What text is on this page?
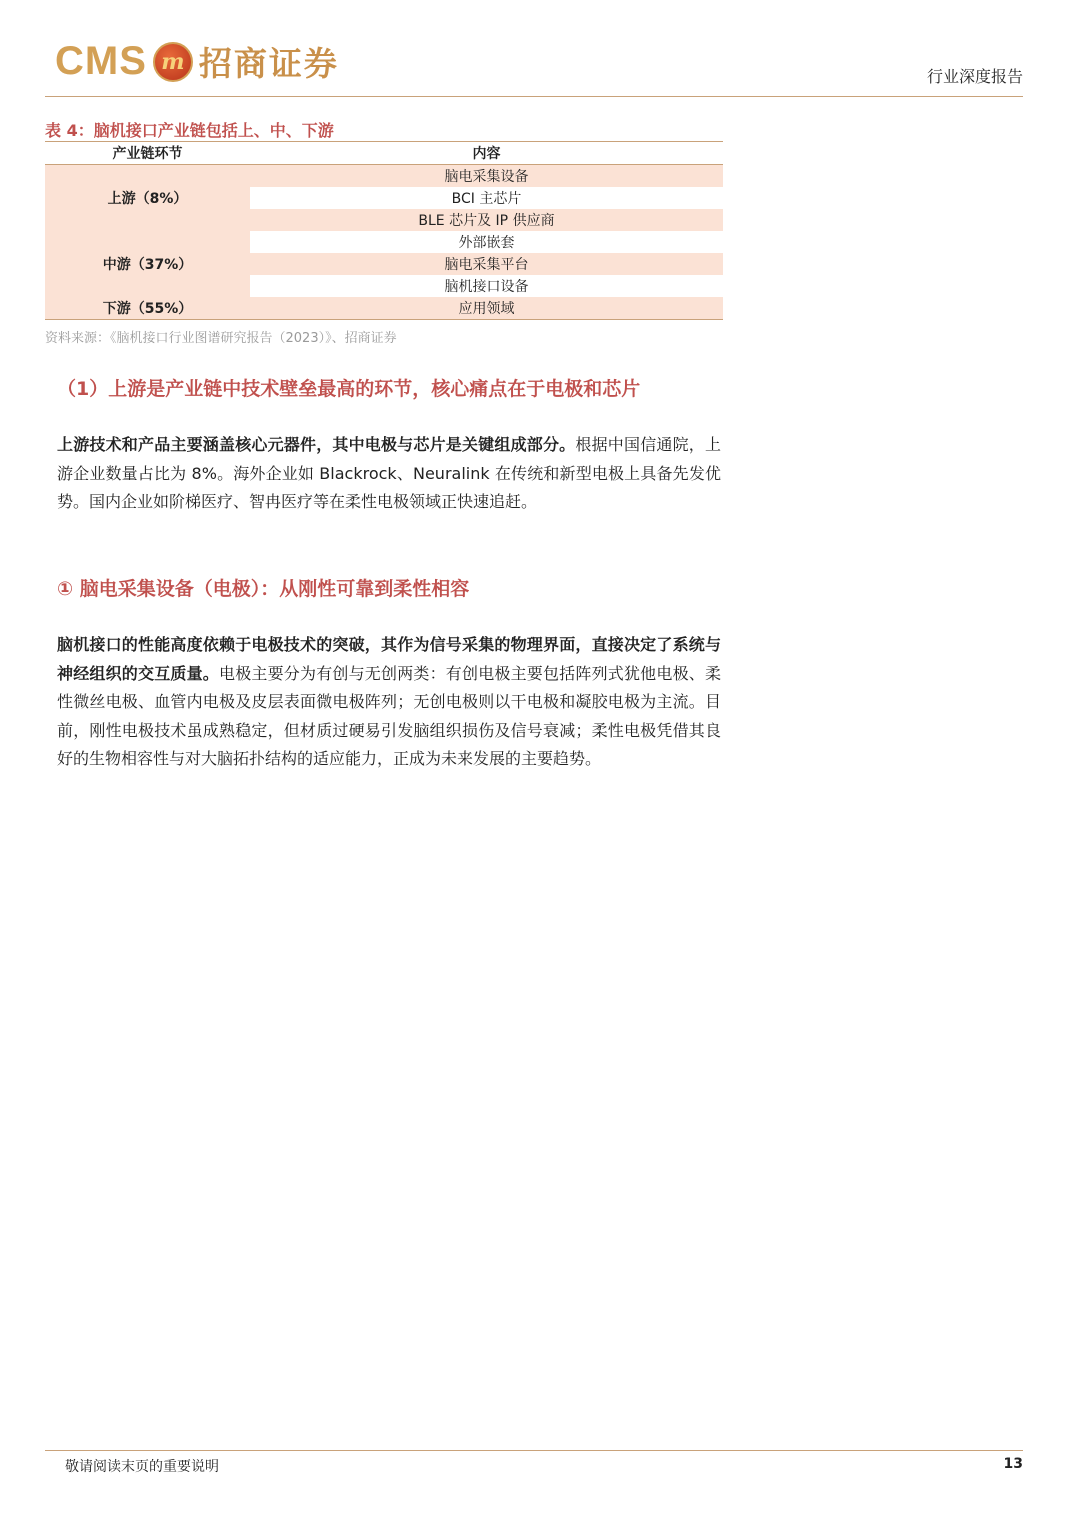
CMS m 招商证券	行业深度报告
表 4：脑机接口产业链包括上、中、下游
产业链环节	内容
上游（8%）	脑电采集设备
	BCI 主芯片
	BLE 芯片及 IP 供应商
中游（37%）	外部嵌套
	脑电采集平台
	脑机接口设备
下游（55%）	应用领域
资料来源：《脑机接口行业图谱研究报告（2023）》、招商证券
（1）上游是产业链中技术壁垒最高的环节，核心痛点在于电极和芯片

上游技术和产品主要涵盖核心元器件，其中电极与芯片是关键组成部分。根据中国信通院，上游企业数量占比为 8%。海外企业如 Blackrock、Neuralink 在传统和新型电极上具备先发优势。国内企业如阶梯医疗、智冉医疗等在柔性电极领域正快速追赶。

① 脑电采集设备（电极）：从刚性可靠到柔性相容

脑机接口的性能高度依赖于电极技术的突破，其作为信号采集的物理界面，直接决定了系统与神经组织的交互质量。电极主要分为有创与无创两类：有创电极主要包括阵列式犹他电极、柔性微丝电极、血管内电极及皮层表面微电极阵列；无创电极则以干电极和凝胶电极为主流。目前，刚性电极技术虽成熟稳定，但材质过硬易引发脑组织损伤及信号衰减；柔性电极凭借其良好的生物相容性与对大脑拓扑结构的适应能力，正成为未来发展的主要趋势。

敬请阅读末页的重要说明	13
